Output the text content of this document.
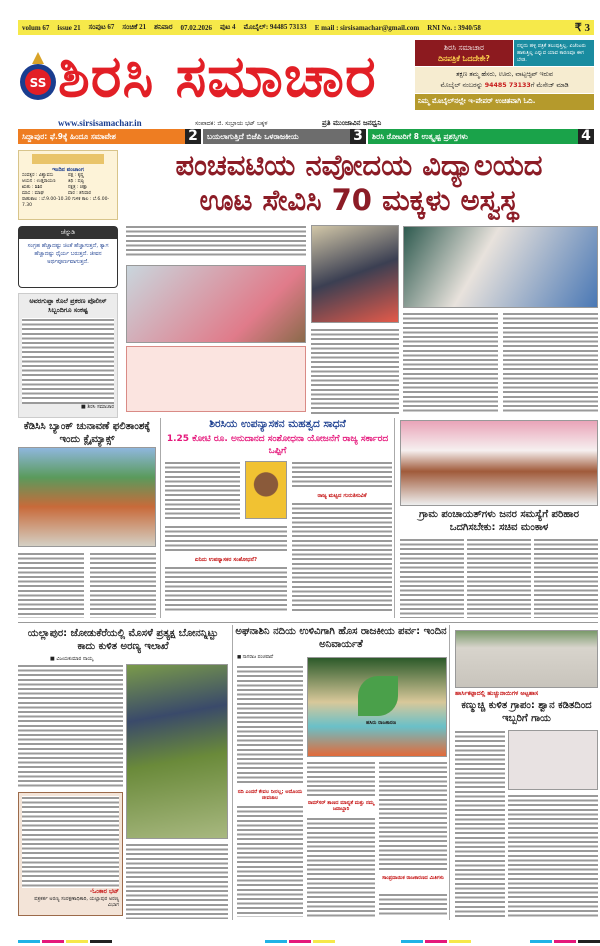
volum 67 issue 21 ಸಂಪುಟ 67 ಸಂಚಿಕೆ 21 ಶನಿವಾರ 07.02.2026 ಪುಟ 4 ಮೊಬೈಲ್: 94485 73133 E mail : sirsisamachar@gmail.com RNI No. : 3940/58	₹ 3
SS ಶಿರಸಿ ಸಮಾಚಾರ
www.sirsisamachar.in	ಸಂಪಾದಕ: ಜಿ. ಸುಬ್ರಾಯ ಭಟ್ ಬಕ್ಕಳ	ಪ್ರತಿ ಮುಂಜಾವಿನ ಜನಧ್ವನಿ
ಶಿರಸಿ ಸಮಾಚಾರ
ದಿನಪತ್ರಿಕೆ ಓದದೇಕೇ?
ನನ್ನದು ಹಳ್ಳಿ ಪತ್ರಿಕೆ ತಲುಪುತ್ತಿಲ್ಲ. ಏಜೆಂಟರು ಹಾಕುತ್ತಿಲ್ಲ ಎನ್ನುವ ಯಾವ ಕಾರಣವೂ ಈಗ ಬೇಡ.
ತಕ್ಷಣ ತಮ್ಮ ಹೆಸರು, ಊರು, ವಾಟ್ಸಆ್ಯಪ್ ಇರುವ
ಮೊಬೈಲ್ ನಂಬರನ್ನು 94485 73133ಗೆ ಮೆಸೇಜ್ ಮಾಡಿ
ನಿಮ್ಮ ಮೊಬೈಲ್‌ನಲ್ಲೇ ಇ-ಪೇಪರ್ ಉಚಿತವಾಗಿ ಓದಿ.
ಸಿದ್ದಾಪುರ: ಫೆ.9ಕ್ಕೆ ಹಿಂದೂ ಸಮಾವೇಶ	2	ಬಯಲಾಗುತ್ತಿದೆ ಬಿಜೆಪಿ ಒಳರಾಜಕೀಯ	3	ಶಿರಸಿ ರೋಟರಿಗೆ 8 ಉತ್ಕೃಷ್ಟ ಪ್ರಶಸ್ತಿಗಳು	4
ಇಂದಿನ ಪಂಚಾಂಗ
ಸಂವತ್ಸರ : ವಿಶ್ವಾವಸು	ಪಕ್ಷ : ಕೃಷ್ಣ
ಆಯನ : ಉತ್ತರಾಯಣ	ತಿಥಿ : ಷಷ್ಠಿ
ಋತು : ಶಿಶಿರ	ನಕ್ಷತ್ರ : ಚಿತ್ತಾ
ಮಾಸ : ಮಾಘ	ವಾರ : ಶನಿವಾರ
ರಾಹುಕಾಲ : ಬೆ.9.00-10.30 ಗುಳಿಕ ಕಾಲ : ಬೆ.6.00-7.30
ಚೆನ್ನುಡಿ
ಸಂಗ್ರಹ ಹೆಚ್ಚಾದಷ್ಟು ಚಿಂತೆ ಹೆಚ್ಚಾಗುತ್ತದೆ, ತ್ಯಾಗ ಹೆಚ್ಚಾದಷ್ಟು ಧೈರ್ಯ ಬರುತ್ತದೆ. ಜೀವನ ಅರ್ಥಪೂರ್ಣವಾಗುತ್ತದೆ.
ಅವರಗುಪ್ಪಾ ಕೊಲೆ ಪ್ರಕರಣ ಪೊಲೀಸ್ ಸಿಬ್ಬಂದಿಗೂ ಸಂಕಷ್ಟ
■ ಶಿರಸಿ ಸಮಾಚಾರ
ಪಂಚವಟಿಯ ನವೋದಯ ವಿದ್ಯಾಲಯದ
ಊಟ ಸೇವಿಸಿ 70 ಮಕ್ಕಳು ಅಸ್ವಸ್ಥ
ಕೆಡಿಸಿಸಿ ಬ್ಯಾಂಕ್ ಚುನಾವಣೆ ಫಲಿತಾಂಶಕ್ಕೆ ಇಂದು ಕ್ಲೈಮ್ಯಾಕ್ಸ್
ಶಿರಸಿಯ ಉಪನ್ಯಾಸಕನ ಮಹತ್ವದ ಸಾಧನೆ
1.25 ಕೋಟಿ ರೂ. ಅನುದಾನದ ಸಂಶೋಧನಾ ಯೋಜನೆಗೆ ರಾಜ್ಯ ಸರ್ಕಾರದ ಒಪ್ಪಿಗೆ
ರಾಜ್ಯ ಮಟ್ಟದ ಗುರುತಿಸುವಿಕೆ
ಏನಿದು ಉಪನ್ಯಾಸಕರ ಸಂಶೋಧನೆ?
ಗ್ರಾಮ ಪಂಚಾಯತ್‌ಗಳು ಜನರ ಸಮಸ್ಯೆಗೆ ಪರಿಹಾರ ಒದಗಿಸಬೇಕು: ಸಚಿವ ಮಂಕಾಳ
ಯಲ್ಲಾಪುರ: ಜೋಡುಕೆರೆಯಲ್ಲಿ ಮೊಸಳೆ ಪ್ರತ್ಯಕ್ಷ ಬೋನನ್ನಿಟ್ಟು ಕಾದು ಕುಳಿತ ಅರಣ್ಯ ಇಲಾಖೆ
■ ವಿಜಯಕುಮಾರ ನಾಯ್ಕ
-ಓಂಕಾರ ಭಟ್
ಪತ್ರಕರ್ತ ಅರಣ್ಯ ಸಂರಕ್ಷಣಾಧಿಕಾರಿ, ಯಲ್ಲಾಪುರ ಅರಣ್ಯ ವಿಭಾಗ
ಅಘನಾಶಿನಿ ನದಿಯ ಉಳಿವಿಗಾಗಿ ಹೊಸ ರಾಜಕೀಯ ಪರ್ವ: ಇಂದಿನ ಅನಿವಾರ್ಯತೆ
■ ನಾಗರಾಜ ಪಂಚಪಾಪೆ
ಹಸಿರು ರಾಜಕಾರಣ
ನದಿ ಎಂದರೆ ಕೇವಲ ನೀರಲ್ಲ; ಅದೊಂದು ಜೀವಜಾಲ
ರಾಮ್‌ಸರ್ ತಾಣದ ಮಾನ್ಯತೆ ಮತ್ತು ನಮ್ಮ ಜವಾಬ್ದಾರಿ
ಸಾಂಪ್ರದಾಯಿಕ ರಾಜಕಾರಣದ ಮಿತಿಗಳು
ಹಾರ್ಸಿಕಟ್ಟಾದಲ್ಲಿ ಹುಚ್ಚುನಾಯಿಗಳ ಅಟ್ಟಹಾಸ
ಕಣ್ಮುಚ್ಚಿ ಕುಳಿತ ಗ್ರಾಪಂ: ಶ್ವಾನ ಕಡಿತದಿಂದ ಇಬ್ಬರಿಗೆ ಗಾಯ
